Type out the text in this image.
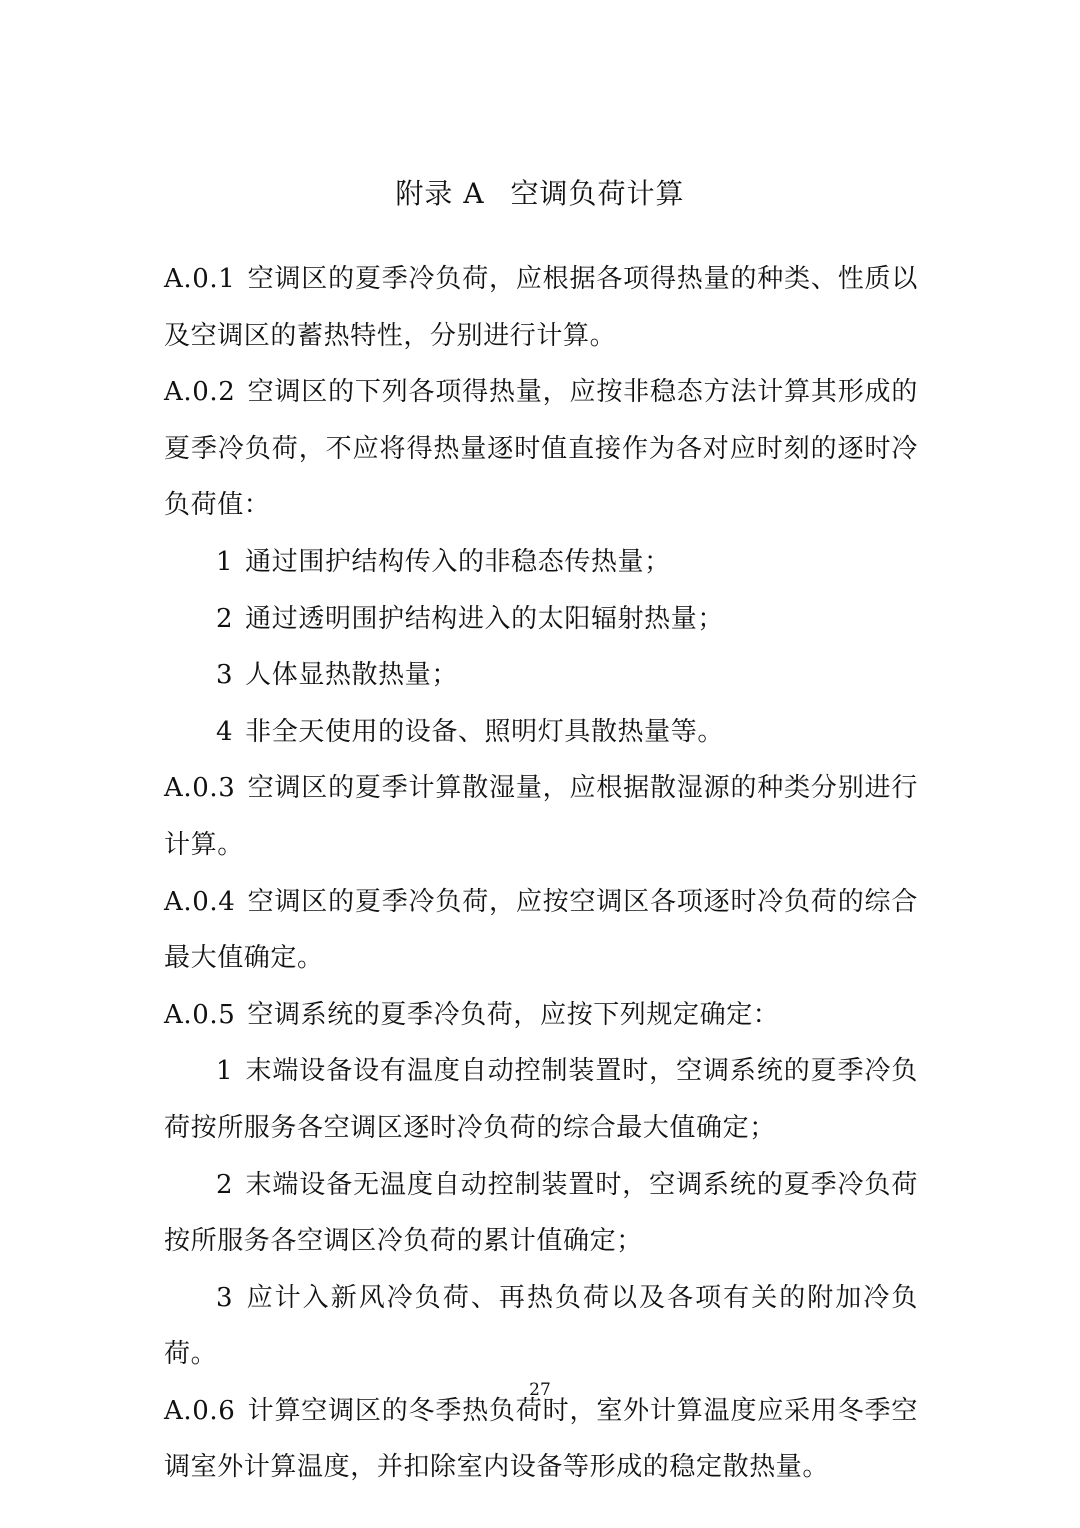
附录 A 空调负荷计算

A.0.1 空调区的夏季冷负荷，应根据各项得热量的种类、性质以及空调区的蓄热特性，分别进行计算。

A.0.2 空调区的下列各项得热量，应按非稳态方法计算其形成的夏季冷负荷，不应将得热量逐时值直接作为各对应时刻的逐时冷负荷值：

1 通过围护结构传入的非稳态传热量；

2 通过透明围护结构进入的太阳辐射热量；

3 人体显热散热量；

4 非全天使用的设备、照明灯具散热量等。

A.0.3 空调区的夏季计算散湿量，应根据散湿源的种类分别进行计算。

A.0.4 空调区的夏季冷负荷，应按空调区各项逐时冷负荷的综合最大值确定。

A.0.5 空调系统的夏季冷负荷，应按下列规定确定：

1 末端设备设有温度自动控制装置时，空调系统的夏季冷负荷按所服务各空调区逐时冷负荷的综合最大值确定；

2 末端设备无温度自动控制装置时，空调系统的夏季冷负荷按所服务各空调区冷负荷的累计值确定；

3 应计入新风冷负荷、再热负荷以及各项有关的附加冷负荷。

A.0.6 计算空调区的冬季热负荷时，室外计算温度应采用冬季空调室外计算温度，并扣除室内设备等形成的稳定散热量。

27
